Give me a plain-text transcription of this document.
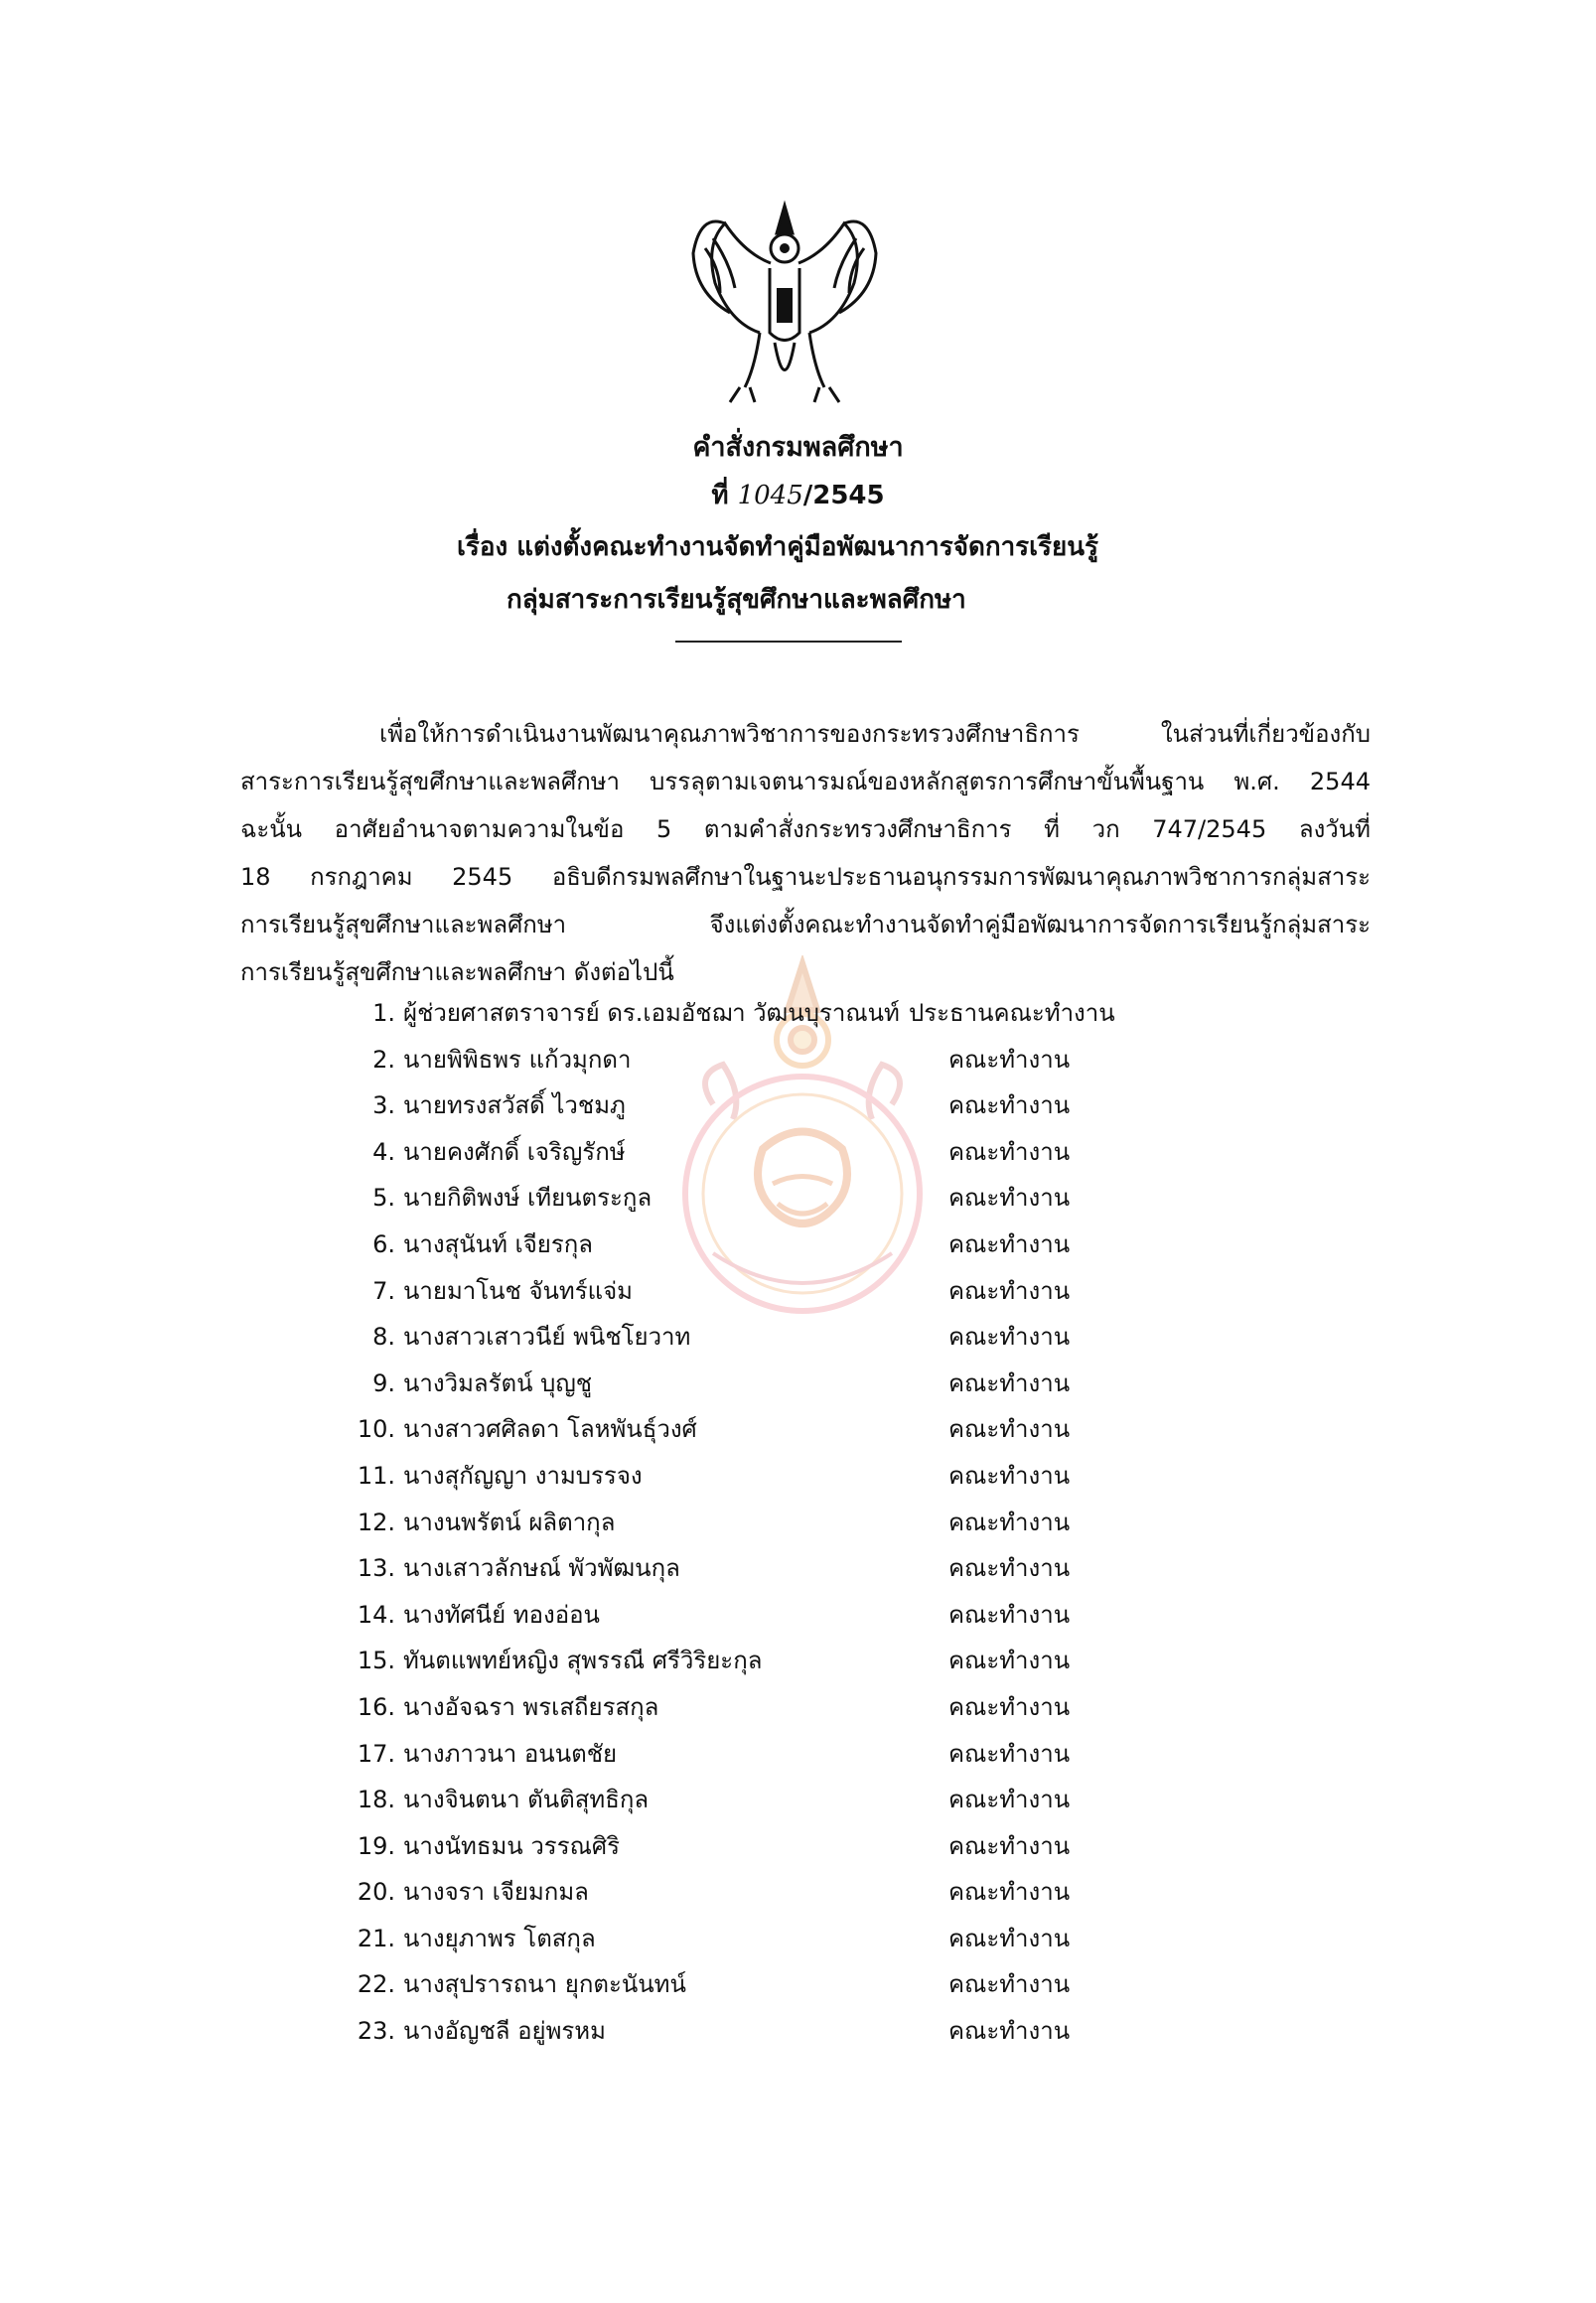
คำสั่งกรมพลศึกษา
ที่ 1045/2545
เรื่อง แต่งตั้งคณะทำงานจัดทำคู่มือพัฒนาการจัดการเรียนรู้
กลุ่มสาระการเรียนรู้สุขศึกษาและพลศึกษา
เพื่อให้การดำเนินงานพัฒนาคุณภาพวิชาการของกระทรวงศึกษาธิการ ในส่วนที่เกี่ยวข้องกับ
สาระการเรียนรู้สุขศึกษาและพลศึกษา บรรลุตามเจตนารมณ์ของหลักสูตรการศึกษาขั้นพื้นฐาน พ.ศ. 2544
ฉะนั้น อาศัยอำนาจตามความในข้อ 5 ตามคำสั่งกระทรวงศึกษาธิการ ที่ วก 747/2545 ลงวันที่
18 กรกฎาคม 2545 อธิบดีกรมพลศึกษาในฐานะประธานอนุกรรมการพัฒนาคุณภาพวิชาการกลุ่มสาระ
การเรียนรู้สุขศึกษาและพลศึกษา จึงแต่งตั้งคณะทำงานจัดทำคู่มือพัฒนาการจัดการเรียนรู้กลุ่มสาระ
การเรียนรู้สุขศึกษาและพลศึกษา ดังต่อไปนี้
1. ผู้ช่วยศาสตราจารย์ ดร.เอมอัชฌา วัฒนบุราณนท์ ประธานคณะทำงาน
2. นายพิพิธพร แก้วมุกดา	คณะทำงาน
3. นายทรงสวัสดิ์ ไวชมภู	คณะทำงาน
4. นายคงศักดิ์ เจริญรักษ์	คณะทำงาน
5. นายกิติพงษ์ เทียนตระกูล	คณะทำงาน
6. นางสุนันท์ เจียรกุล	คณะทำงาน
7. นายมาโนช จันทร์แจ่ม	คณะทำงาน
8. นางสาวเสาวนีย์ พนิชโยวาท	คณะทำงาน
9. นางวิมลรัตน์ บุญชู	คณะทำงาน
10. นางสาวศศิลดา โลหพันธุ์วงศ์	คณะทำงาน
11. นางสุกัญญา งามบรรจง	คณะทำงาน
12. นางนพรัตน์ ผลิตากุล	คณะทำงาน
13. นางเสาวลักษณ์ พัวพัฒนกุล	คณะทำงาน
14. นางทัศนีย์ ทองอ่อน	คณะทำงาน
15. ทันตแพทย์หญิง สุพรรณี ศรีวิริยะกุล	คณะทำงาน
16. นางอัจฉรา พรเสถียรสกุล	คณะทำงาน
17. นางภาวนา อนนตชัย	คณะทำงาน
18. นางจินตนา ตันติสุทธิกุล	คณะทำงาน
19. นางนัทธมน วรรณศิริ	คณะทำงาน
20. นางจรา เจียมกมล	คณะทำงาน
21. นางยุภาพร โตสกุล	คณะทำงาน
22. นางสุปรารถนา ยุกตะนันทน์	คณะทำงาน
23. นางอัญชลี อยู่พรหม	คณะทำงาน
